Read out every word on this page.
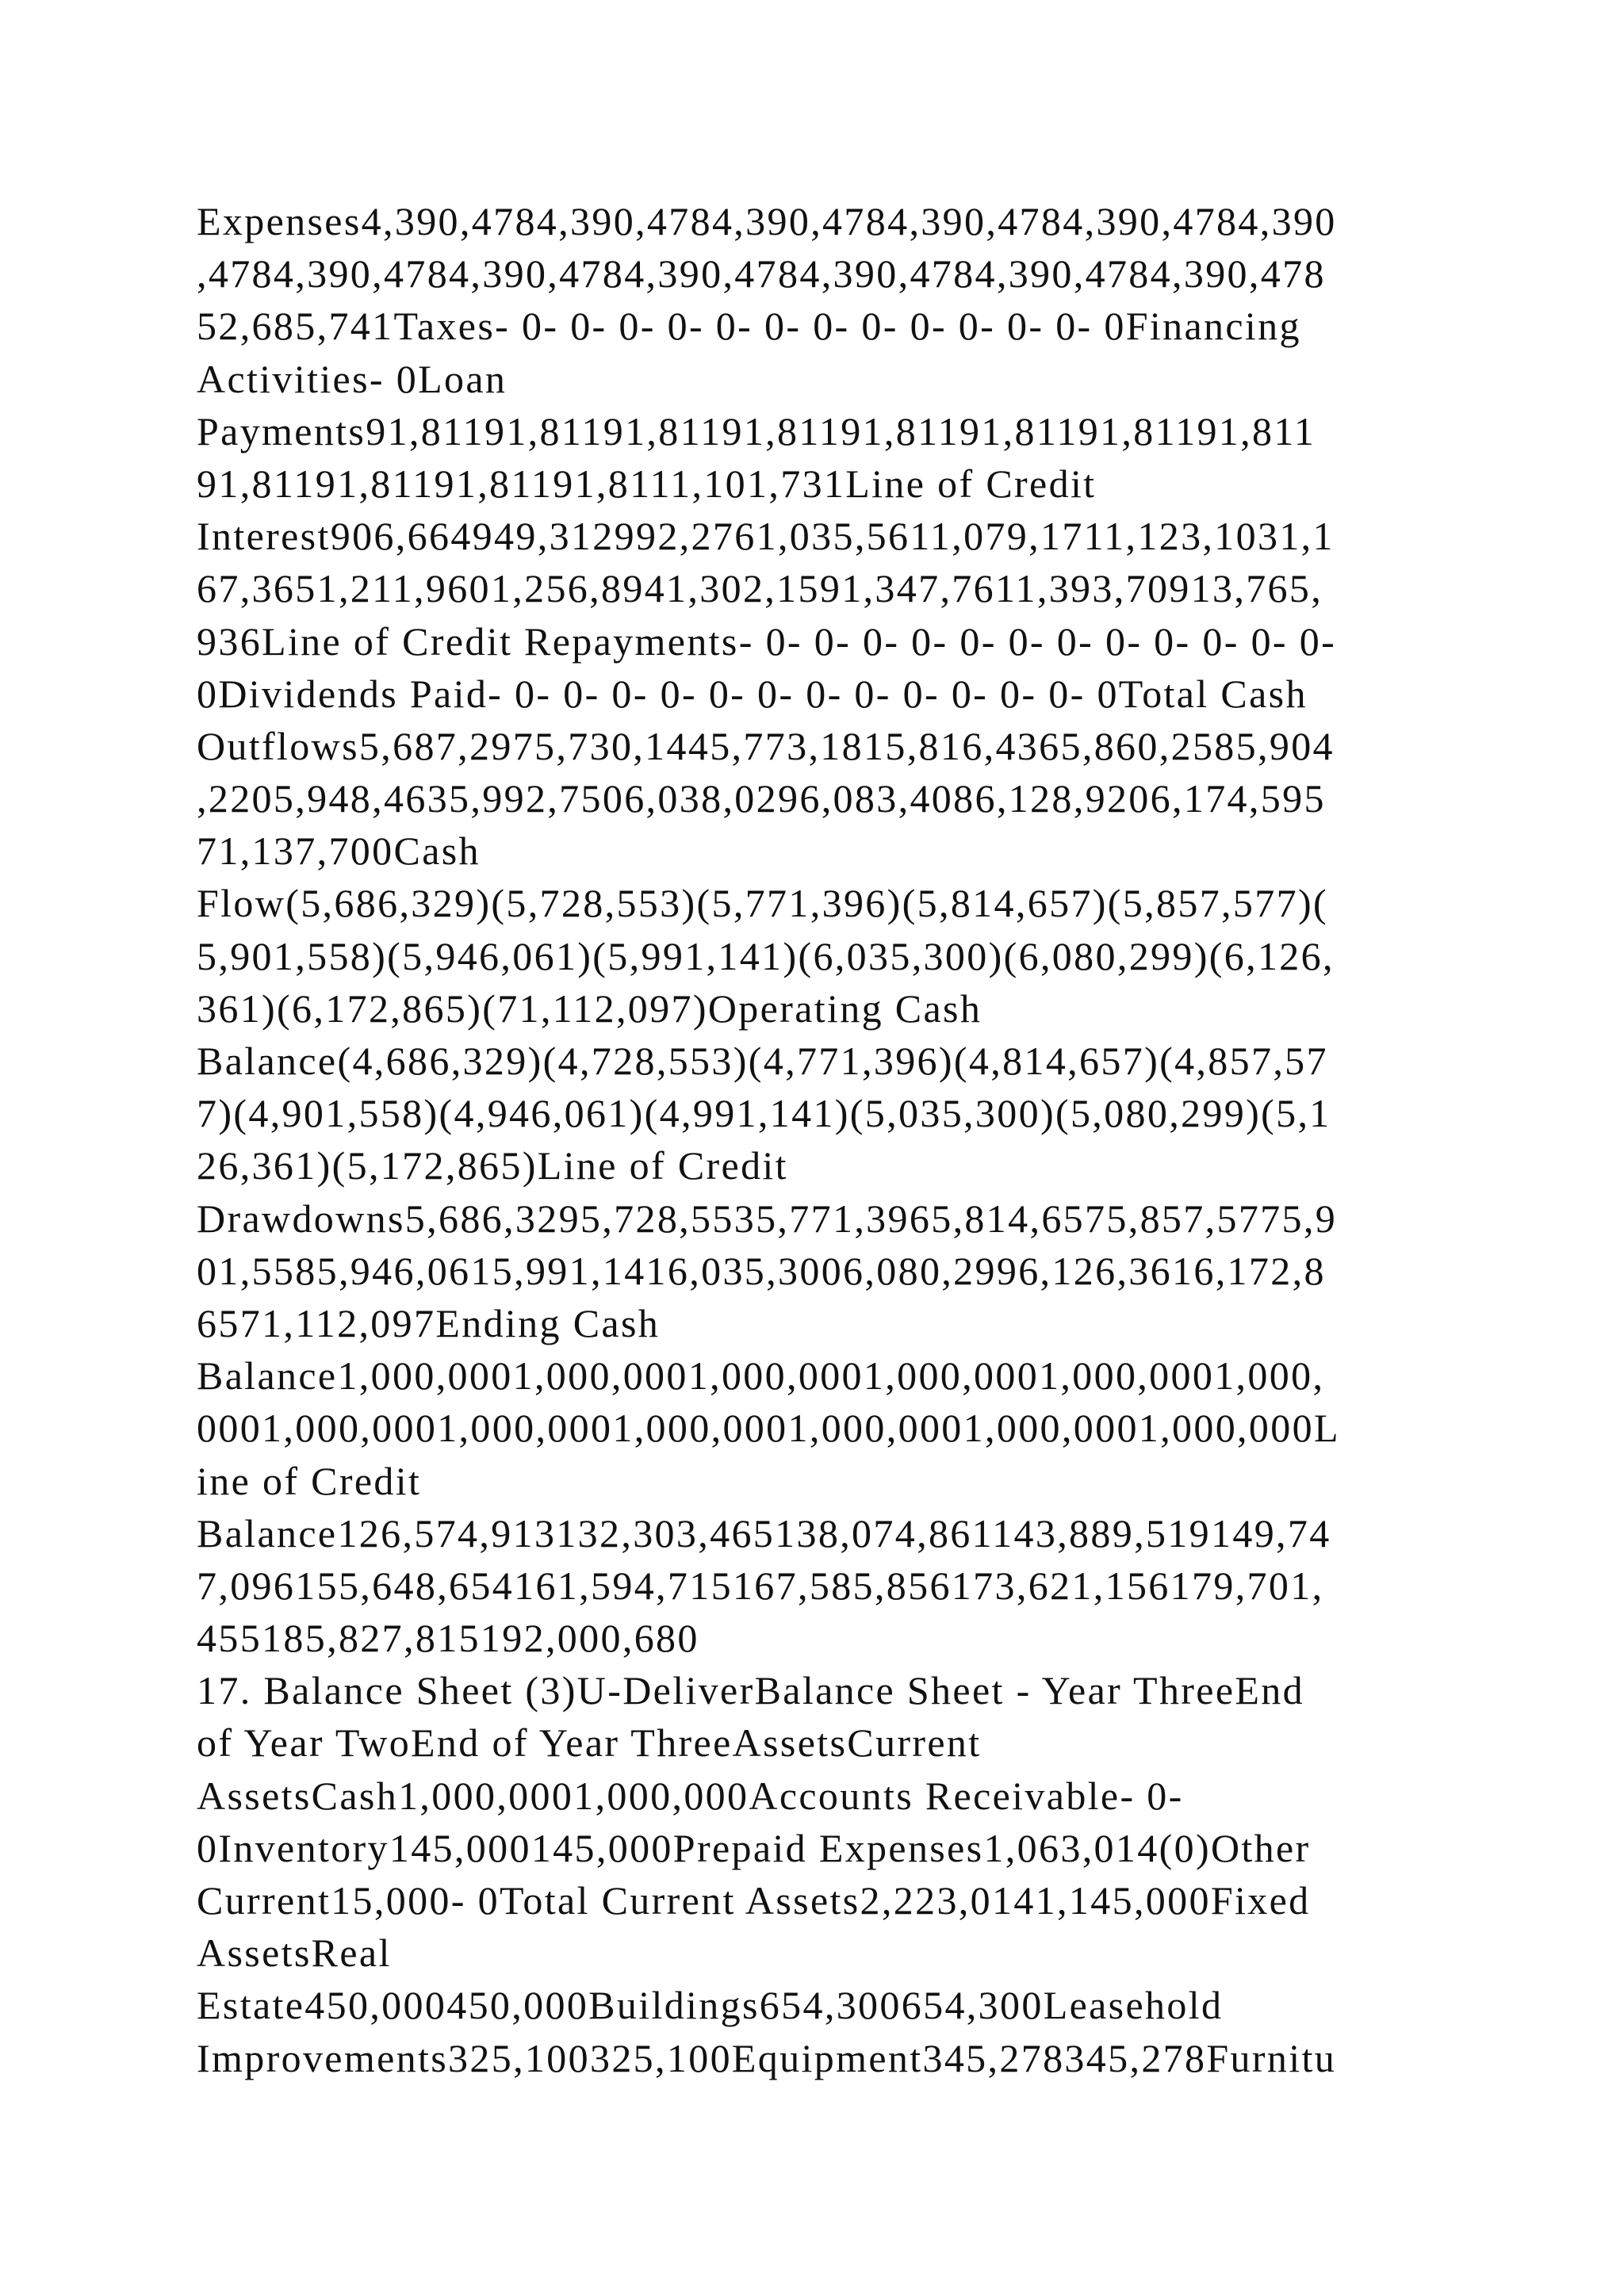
Expenses4,390,4784,390,4784,390,4784,390,4784,390,4784,390
,4784,390,4784,390,4784,390,4784,390,4784,390,4784,390,478
52,685,741Taxes- 0- 0- 0- 0- 0- 0- 0- 0- 0- 0- 0- 0- 0Financing
Activities- 0Loan
Payments91,81191,81191,81191,81191,81191,81191,81191,811
91,81191,81191,81191,8111,101,731Line of Credit
Interest906,664949,312992,2761,035,5611,079,1711,123,1031,1
67,3651,211,9601,256,8941,302,1591,347,7611,393,70913,765,
936Line of Credit Repayments- 0- 0- 0- 0- 0- 0- 0- 0- 0- 0- 0- 0-
0Dividends Paid- 0- 0- 0- 0- 0- 0- 0- 0- 0- 0- 0- 0- 0Total Cash
Outflows5,687,2975,730,1445,773,1815,816,4365,860,2585,904
,2205,948,4635,992,7506,038,0296,083,4086,128,9206,174,595
71,137,700Cash
Flow(5,686,329)(5,728,553)(5,771,396)(5,814,657)(5,857,577)(
5,901,558)(5,946,061)(5,991,141)(6,035,300)(6,080,299)(6,126,
361)(6,172,865)(71,112,097)Operating Cash
Balance(4,686,329)(4,728,553)(4,771,396)(4,814,657)(4,857,57
7)(4,901,558)(4,946,061)(4,991,141)(5,035,300)(5,080,299)(5,1
26,361)(5,172,865)Line of Credit
Drawdowns5,686,3295,728,5535,771,3965,814,6575,857,5775,9
01,5585,946,0615,991,1416,035,3006,080,2996,126,3616,172,8
6571,112,097Ending Cash
Balance1,000,0001,000,0001,000,0001,000,0001,000,0001,000,
0001,000,0001,000,0001,000,0001,000,0001,000,0001,000,000L
ine of Credit
Balance126,574,913132,303,465138,074,861143,889,519149,74
7,096155,648,654161,594,715167,585,856173,621,156179,701,
455185,827,815192,000,680
17. Balance Sheet (3)U-DeliverBalance Sheet - Year ThreeEnd
of Year TwoEnd of Year ThreeAssetsCurrent
AssetsCash1,000,0001,000,000Accounts Receivable- 0-
0Inventory145,000145,000Prepaid Expenses1,063,014(0)Other
Current15,000- 0Total Current Assets2,223,0141,145,000Fixed
AssetsReal
Estate450,000450,000Buildings654,300654,300Leasehold
Improvements325,100325,100Equipment345,278345,278Furnitu
